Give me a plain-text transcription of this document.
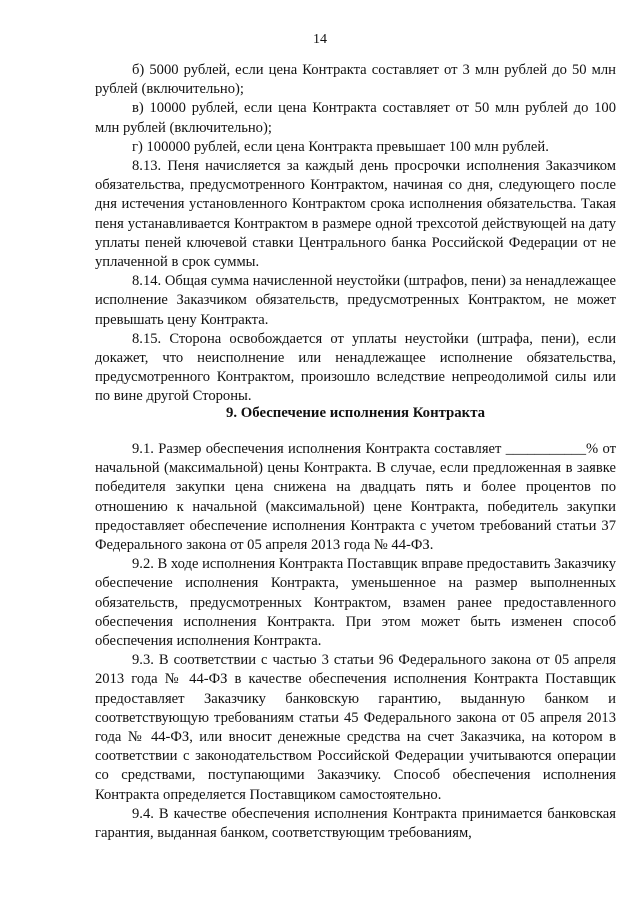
14

б) 5000 рублей, если цена Контракта составляет от 3 млн рублей до 50 млн рублей (включительно);

в) 10000 рублей, если цена Контракта составляет от 50 млн рублей до 100 млн рублей (включительно);

г) 100000 рублей, если цена Контракта превышает 100 млн рублей.

8.13. Пеня начисляется за каждый день просрочки исполнения Заказчиком обязательства, предусмотренного Контрактом, начиная со дня, следующего после дня истечения установленного Контрактом срока исполнения обязательства. Такая пеня устанавливается Контрактом в размере одной трехсотой действующей на дату уплаты пеней ключевой ставки Центрального банка Российской Федерации от не уплаченной в срок суммы.

8.14. Общая сумма начисленной неустойки (штрафов, пени) за ненадлежащее исполнение Заказчиком обязательств, предусмотренных Контрактом, не может превышать цену Контракта.

8.15. Сторона освобождается от уплаты неустойки (штрафа, пени), если докажет, что неисполнение или ненадлежащее исполнение обязательства, предусмотренного Контрактом, произошло вследствие непреодолимой силы или по вине другой Стороны.

9. Обеспечение исполнения Контракта

9.1. Размер обеспечения исполнения Контракта составляет ___________% от начальной (максимальной) цены Контракта. В случае, если предложенная в заявке победителя закупки цена снижена на двадцать пять и более процентов по отношению к начальной (максимальной) цене Контракта, победитель закупки предоставляет обеспечение исполнения Контракта с учетом требований статьи 37 Федерального закона от 05 апреля 2013 года № 44-ФЗ.

9.2. В ходе исполнения Контракта Поставщик вправе предоставить Заказчику обеспечение исполнения Контракта, уменьшенное на размер выполненных обязательств, предусмотренных Контрактом, взамен ранее предоставленного обеспечения исполнения Контракта. При этом может быть изменен способ обеспечения исполнения Контракта.

9.3. В соответствии с частью 3 статьи 96 Федерального закона от 05 апреля 2013 года № 44-ФЗ в качестве обеспечения исполнения Контракта Поставщик предоставляет Заказчику банковскую гарантию, выданную банком и соответствующую требованиям статьи 45 Федерального закона от 05 апреля 2013 года № 44-ФЗ, или вносит денежные средства на счет Заказчика, на котором в соответствии с законодательством Российской Федерации учитываются операции со средствами, поступающими Заказчику. Способ обеспечения исполнения Контракта определяется Поставщиком самостоятельно.

9.4. В качестве обеспечения исполнения Контракта принимается банковская гарантия, выданная банком, соответствующим требованиям,
